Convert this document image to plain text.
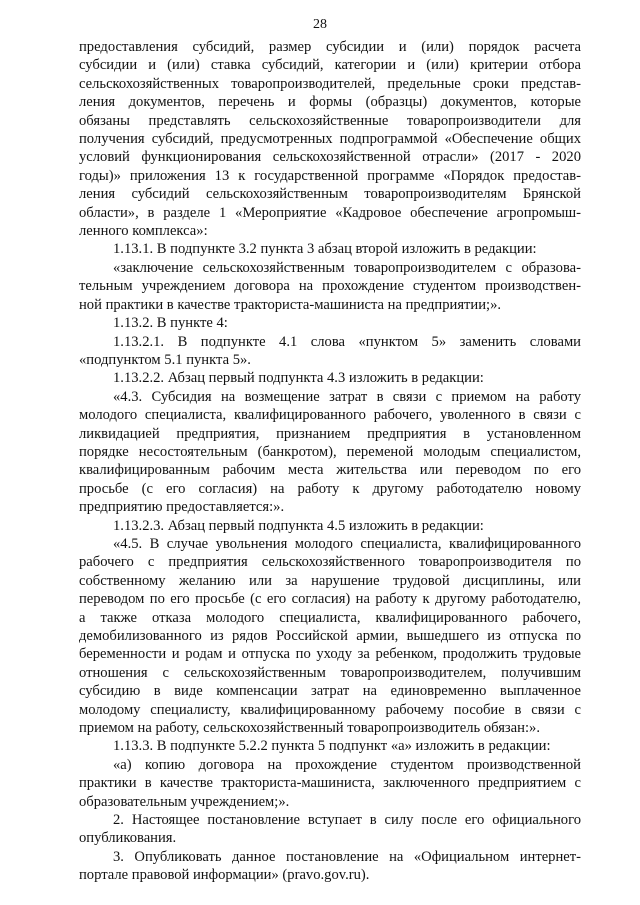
28
предоставления субсидий, размер субсидии и (или) порядок расчета
субсидии и (или) ставка субсидий, категории и (или) критерии отбора
сельскохозяйственных товаропроизводителей, предельные сроки представ-
ления документов, перечень и формы (образцы) документов, которые
обязаны представлять сельскохозяйственные товаропроизводители для
получения субсидий, предусмотренных подпрограммой «Обеспечение общих
условий функционирования сельскохозяйственной отрасли» (2017 - 2020
годы)» приложения 13 к государственной программе «Порядок предостав-
ления субсидий сельскохозяйственным товаропроизводителям Брянской
области», в разделе 1 «Мероприятие «Кадровое обеспечение агропромыш-
ленного комплекса»:
1.13.1. В подпункте 3.2 пункта 3 абзац второй изложить в редакции:
«заключение сельскохозяйственным товаропроизводителем с образова-
тельным учреждением договора на прохождение студентом производствен-
ной практики в качестве тракториста-машиниста на предприятии;».
1.13.2. В пункте 4:
1.13.2.1. В подпункте 4.1 слова «пунктом 5» заменить словами
«подпунктом 5.1 пункта 5».
1.13.2.2. Абзац первый подпункта 4.3 изложить в редакции:
«4.3. Субсидия на возмещение затрат в связи с приемом на работу
молодого специалиста, квалифицированного рабочего, уволенного в связи с
ликвидацией предприятия, признанием предприятия в установленном
порядке несостоятельным (банкротом), переменой молодым специалистом,
квалифицированным рабочим места жительства или переводом по его
просьбе (с его согласия) на работу к другому работодателю новому
предприятию предоставляется:».
1.13.2.3. Абзац первый подпункта 4.5 изложить в редакции:
«4.5. В случае увольнения молодого специалиста, квалифицированного
рабочего с предприятия сельскохозяйственного товаропроизводителя по
собственному желанию или за нарушение трудовой дисциплины, или
переводом по его просьбе (с его согласия) на работу к другому работодателю,
а также отказа молодого специалиста, квалифицированного рабочего,
демобилизованного из рядов Российской армии, вышедшего из отпуска по
беременности и родам и отпуска по уходу за ребенком, продолжить трудовые
отношения с сельскохозяйственным товаропроизводителем, получившим
субсидию в виде компенсации затрат на единовременно выплаченное
молодому специалисту, квалифицированному рабочему пособие в связи с
приемом на работу, сельскохозяйственный товаропроизводитель обязан:».
1.13.3. В подпункте 5.2.2 пункта 5 подпункт «а» изложить в редакции:
«а) копию договора на прохождение студентом производственной
практики в качестве тракториста-машиниста, заключенного предприятием с
образовательным учреждением;».
2. Настоящее постановление вступает в силу после его официального
опубликования.
3. Опубликовать данное постановление на «Официальном интернет-
портале правовой информации» (pravo.gov.ru).
